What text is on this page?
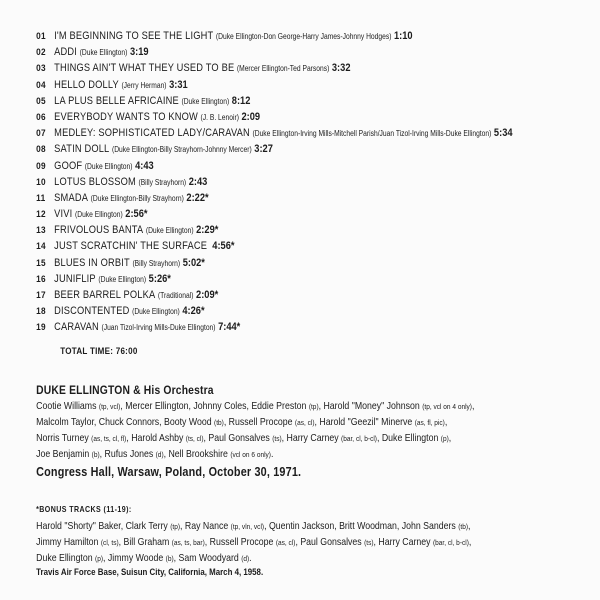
01 I'M BEGINNING TO SEE THE LIGHT (Duke Ellington-Don George-Harry James-Johnny Hodges) 1:10
02 ADDI (Duke Ellington) 3:19
03 THINGS AIN'T WHAT THEY USED TO BE (Mercer Ellington-Ted Parsons) 3:32
04 HELLO DOLLY (Jerry Herman) 3:31
05 LA PLUS BELLE AFRICAINE (Duke Ellington) 8:12
06 EVERYBODY WANTS TO KNOW (J. B. Lenoir) 2:09
07 MEDLEY: SOPHISTICATED LADY/CARAVAN (Duke Ellington-Irving Mills-Mitchell Parish/Juan Tizol-Irving Mills-Duke Ellington) 5:34
08 SATIN DOLL (Duke Ellington-Billy Strayhorn-Johnny Mercer) 3:27
09 GOOF (Duke Ellington) 4:43
10 LOTUS BLOSSOM (Billy Strayhorn) 2:43
11 SMADA (Duke Ellington-Billy Strayhorn) 2:22*
12 VIVI (Duke Ellington) 2:56*
13 FRIVOLOUS BANTA (Duke Ellington) 2:29*
14 JUST SCRATCHIN' THE SURFACE 4:56*
15 BLUES IN ORBIT (Billy Strayhorn) 5:02*
16 JUNIFLIP (Duke Ellington) 5:26*
17 BEER BARREL POLKA (Traditional) 2:09*
18 DISCONTENTED (Duke Ellington) 4:26*
19 CARAVAN (Juan Tizol-Irving Mills-Duke Ellington) 7:44*
TOTAL TIME: 76:00
DUKE ELLINGTON & His Orchestra
Cootie Williams (tp, vcl), Mercer Ellington, Johnny Coles, Eddie Preston (tp), Harold "Money" Johnson (tp, vcl on 4 only),
Malcolm Taylor, Chuck Connors, Booty Wood (tb), Russell Procope (as, cl), Harold "Geezil" Minerve (as, fl, pic),
Norris Turney (as, ts, cl, fl), Harold Ashby (ts, cl), Paul Gonsalves (ts), Harry Carney (bar, cl, b-cl), Duke Ellington (p),
Joe Benjamin (b), Rufus Jones (d), Nell Brookshire (vcl on 6 only).
Congress Hall, Warsaw, Poland, October 30, 1971.
*BONUS TRACKS (11-19):
Harold "Shorty" Baker, Clark Terry (tp), Ray Nance (tp, vln, vcl), Quentin Jackson, Britt Woodman, John Sanders (tb),
Jimmy Hamilton (cl, ts), Bill Graham (as, ts, bar), Russell Procope (as, cl), Paul Gonsalves (ts), Harry Carney (bar, cl, b-cl),
Duke Ellington (p), Jimmy Woode (b), Sam Woodyard (d).
Travis Air Force Base, Suisun City, California, March 4, 1958.
